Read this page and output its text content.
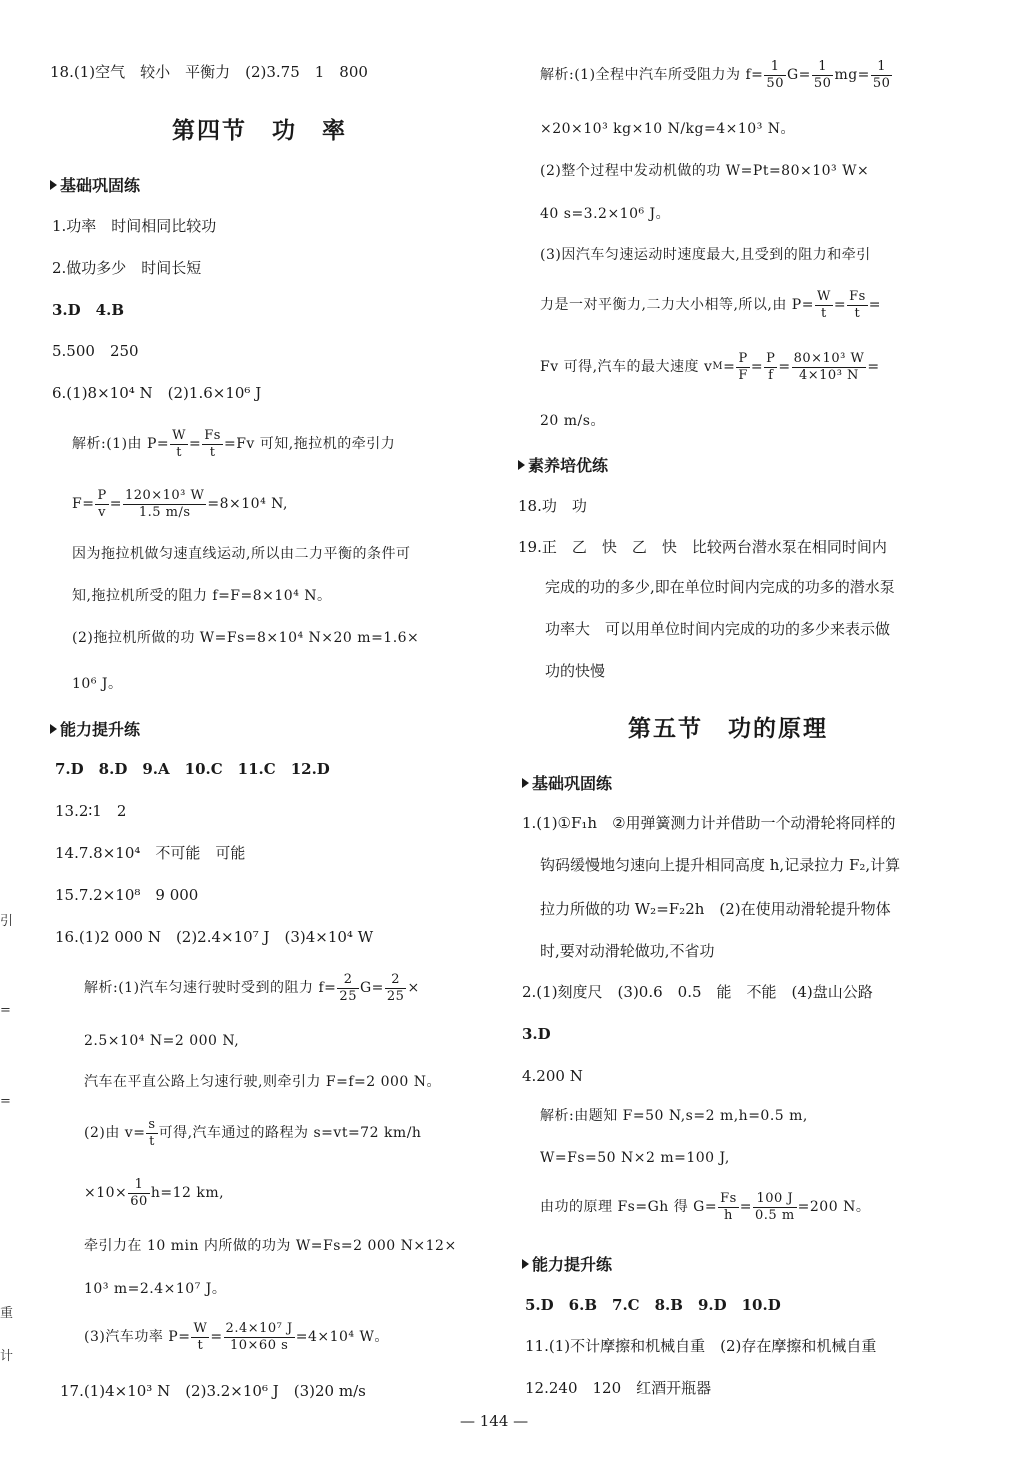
18.(1)空气　较小　平衡力　(2)3.75　1　800
第四节　功　率
基础巩固练
1.功率　时间相同比较功
2.做功多少　时间长短
3.D　4.B
5.500　250
6.(1)8×10⁴ N　(2)1.6×10⁶ J
解析:(1)由 $P= \frac{W}{t} = \frac{Fs}{t} =Fv$ 可知,拖拉机的牵引力
$F= \frac{P}{v} = \frac{\text{120×10³ W}}{1.5 m/s} =8\times 10^4$ N,
因为拖拉机做匀速直线运动,所以由二力平衡的条件可
知,拖拉机所受的阻力 f=F=8×10⁴ N。
(2)拖拉机所做的功 W=Fs=8×10⁴ N×20 m=1.6×
10⁶ J。
能力提升练
7.D　8.D　9.A　10.C　11.C　12.D
13.2∶1　2
14.7.8×10⁴　不可能　可能
15.7.2×10⁸　9 000
16.(1)2 000 N　(2)2.4×10⁷ J　(3)4×10⁴ W
解析:(1)汽车匀速行驶时受到的阻力 $f= \frac{2}{25} G= \frac{2}{25}$ ×
2.5×10⁴ N=2 000 N,
汽车在平直公路上匀速行驶,则牵引力 F=f=2 000 N。
(2)由 $v= \frac{s}{t}$ 可得,汽车通过的路程为 s=vt=72 km/h
$\times 10\times \frac{1}{60} h=12$ km,
牵引力在 10 min 内所做的功为 W=Fs=2 000 N×12×
10³ m=2.4×10⁷ J。
(3)汽车功率 $P= \frac{W}{t} = \frac{\text{2.4×10⁷ J}}{10\times 60 s} =4\times 10^4$ W。
17.(1)4×10³ N　(2)3.2×10⁶ J　(3)20 m/s
解析:(1)全程中汽车所受阻力为 $f= \frac{1}{50} G= \frac{1}{50} mg= \frac{1}{50}$
×20×10³ kg×10 N/kg=4×10³ N。
(2)整个过程中发动机做的功 W=Pt=80×10³ W×
40 s=3.2×10⁶ J。
(3)因汽车匀速运动时速度最大,且受到的阻力和牵引
力是一对平衡力,二力大小相等,所以,由 $P= \frac{W}{t} = \frac{Fs}{t}$ =
Fv 可得,汽车的最大速度 v $M = \frac{P}{F} = \frac{P}{f} = \frac{\text{80×10³ W}}{\text{4×10³ N}}$ =
20 m/s。
素养培优练
18.功　功
19.正　乙　快　乙　快　比较两台潜水泵在相同时间内
完成的功的多少,即在单位时间内完成的功多的潜水泵
功率大　可以用单位时间内完成的功的多少来表示做
功的快慢
第五节　功的原理
基础巩固练
1.(1)①F₁h　②用弹簧测力计并借助一个动滑轮将同样的
钩码缓慢地匀速向上提升相同高度 h,记录拉力 F₂,计算
拉力所做的功 W₂=F₂2h　(2)在使用动滑轮提升物体
时,要对动滑轮做功,不省功
2.(1)刻度尺　(3)0.6　0.5　能　不能　(4)盘山公路
3.D
4.200 N
解析:由题知 F=50 N,s=2 m,h=0.5 m,
W=Fs=50 N×2 m=100 J,
由功的原理 Fs=Gh 得 $G= \frac{Fs}{h} = \frac{100 J}{0.5 m} =200$ N。
能力提升练
5.D　6.B　7.C　8.B　9.D　10.D
11.(1)不计摩擦和机械自重　(2)存在摩擦和机械自重
12.240　120　红酒开瓶器
— 144 —
引
=
=
重
计
